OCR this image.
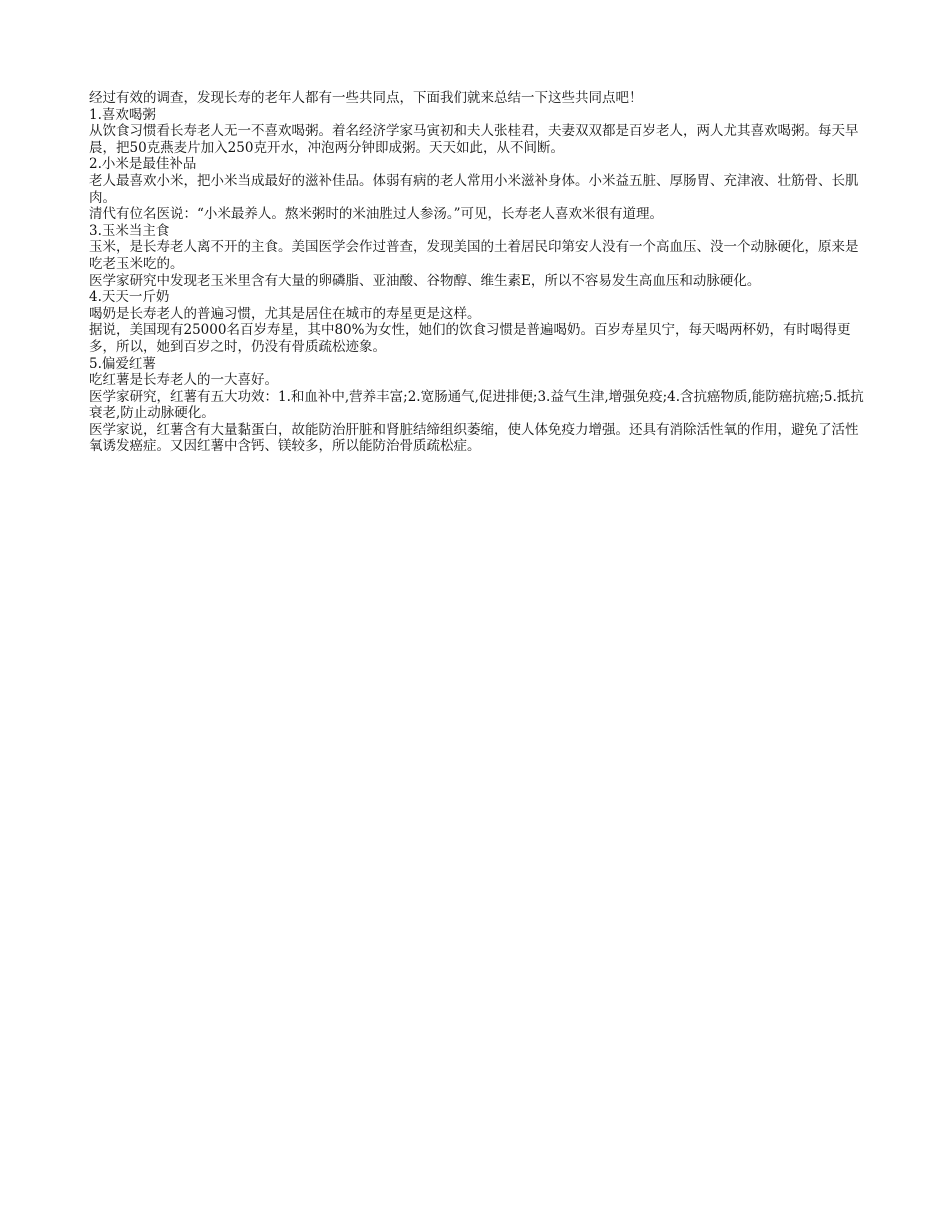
经过有效的调查，发现长寿的老年人都有一些共同点，下面我们就来总结一下这些共同点吧！

1.喜欢喝粥

从饮食习惯看长寿老人无一不喜欢喝粥。着名经济学家马寅初和夫人张桂君，夫妻双双都是百岁老人，两人尤其喜欢喝粥。每天早晨，把50克燕麦片加入250克开水，冲泡两分钟即成粥。天天如此，从不间断。

2.小米是最佳补品

老人最喜欢小米，把小米当成最好的滋补佳品。体弱有病的老人常用小米滋补身体。小米益五脏、厚肠胃、充津液、壮筋骨、长肌肉。

清代有位名医说：“小米最养人。熬米粥时的米油胜过人参汤。”可见，长寿老人喜欢米很有道理。

3.玉米当主食

玉米，是长寿老人离不开的主食。美国医学会作过普查，发现美国的土着居民印第安人没有一个高血压、没一个动脉硬化，原来是吃老玉米吃的。

医学家研究中发现老玉米里含有大量的卵磷脂、亚油酸、谷物醇、维生素E，所以不容易发生高血压和动脉硬化。

4.天天一斤奶

喝奶是长寿老人的普遍习惯，尤其是居住在城市的寿星更是这样。

据说，美国现有25000名百岁寿星，其中80%为女性，她们的饮食习惯是普遍喝奶。百岁寿星贝宁，每天喝两杯奶，有时喝得更多，所以，她到百岁之时，仍没有骨质疏松迹象。

5.偏爱红薯

吃红薯是长寿老人的一大喜好。

医学家研究，红薯有五大功效：1.和血补中,营养丰富;2.宽肠通气,促进排便;3.益气生津,增强免疫;4.含抗癌物质,能防癌抗癌;5.抵抗衰老,防止动脉硬化。

医学家说，红薯含有大量黏蛋白，故能防治肝脏和肾脏结缔组织萎缩，使人体免疫力增强。还具有消除活性氧的作用，避免了活性氧诱发癌症。又因红薯中含钙、镁较多，所以能防治骨质疏松症。
